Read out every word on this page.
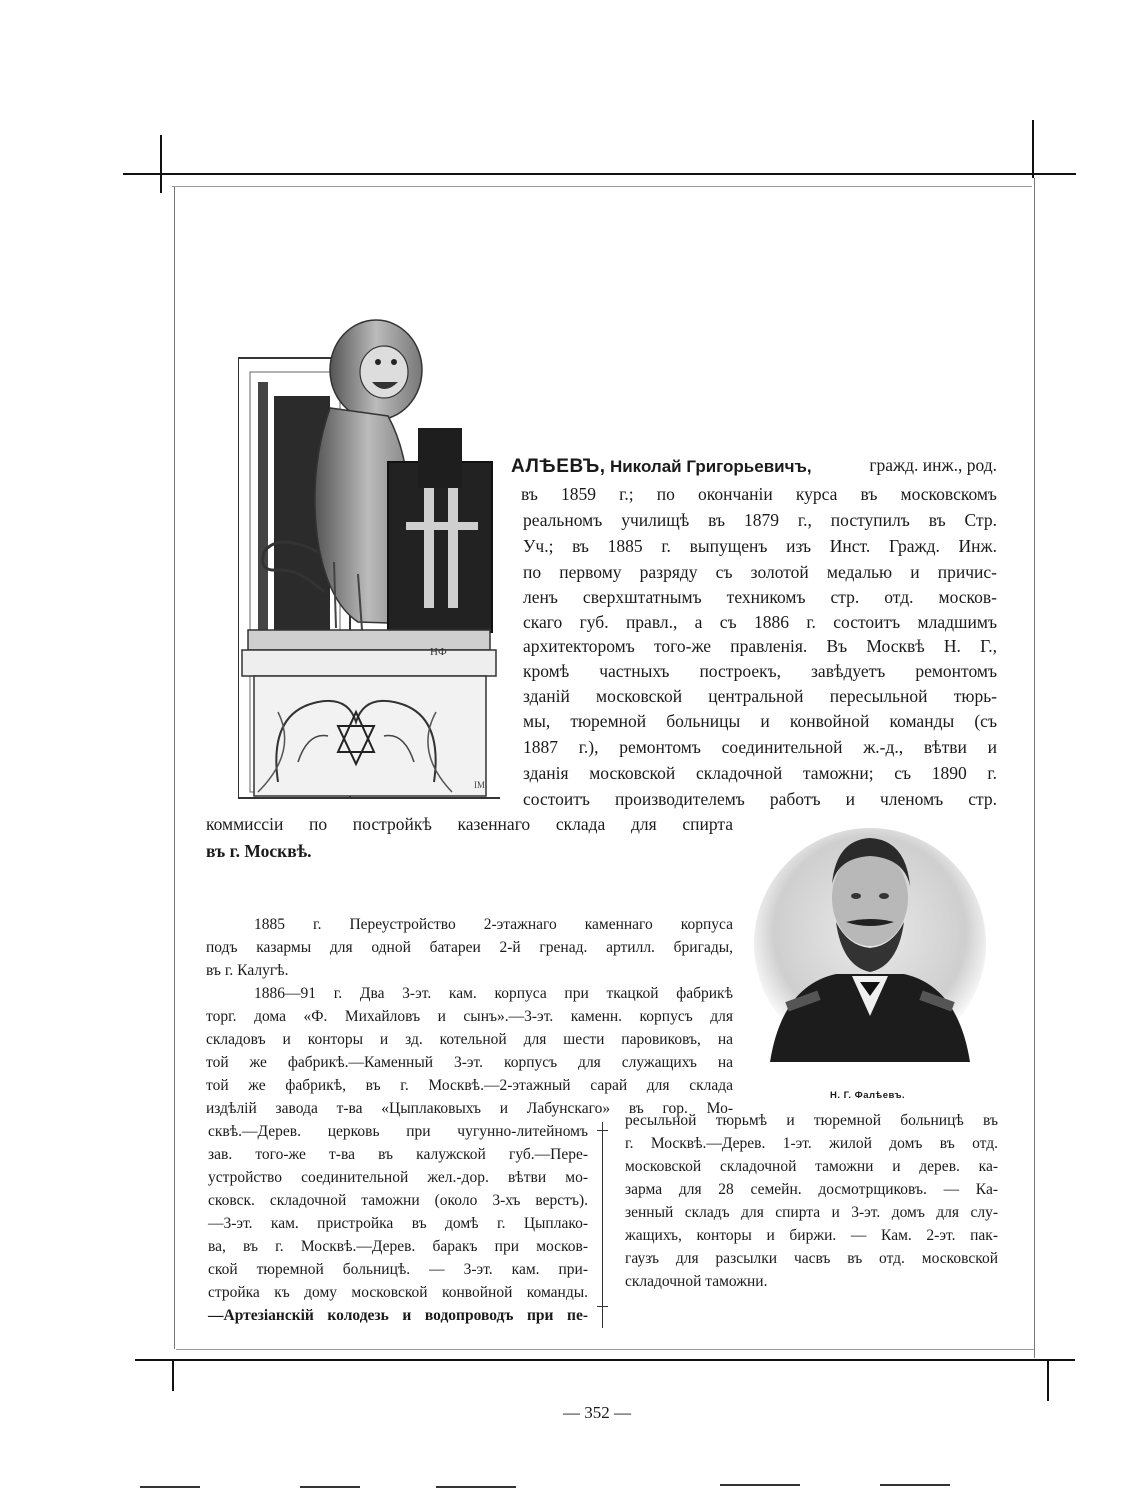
НФ
IM.
АЛѢЕВЪ, Николай Григорьевичъ,	гражд. инж., род.
въ 1859 г.; по окончаніи курса въ московскомъ
реальномъ училищѣ въ 1879 г., поступилъ въ Стр.
Уч.; въ 1885 г. выпущенъ изъ Инст. Гражд. Инж.
по первому разряду съ золотой медалью и причис-
ленъ сверхштатнымъ техникомъ стр. отд. москов-
скаго губ. правл., а съ 1886 г. состоитъ младшимъ
архитекторомъ того-же правленія. Въ Москвѣ Н. Г.,
кромѣ частныхъ построекъ, завѣдуетъ ремонтомъ
зданій московской центральной пересыльной тюрь-
мы, тюремной больницы и конвойной команды (съ
1887 г.), ремонтомъ соединительной ж.-д., вѣтви и
зданія московской складочной таможни; съ 1890 г.
состоитъ производителемъ работъ и членомъ стр.
коммиссіи по постройкѣ казеннаго склада для спирта
въ г. Москвѣ.
Н. Г. Фалѣевъ.
1885 г. Переустройство 2-этажнаго каменнаго корпуса
подъ казармы для одной батареи 2-й гренад. артилл. бригады,
въ г. Калугѣ.
1886—91 г. Два 3-эт. кам. корпуса при ткацкой фабрикѣ
торг. дома «Ф. Михайловъ и сынъ».—3-эт. каменн. корпусъ для
складовъ и конторы и зд. котельной для шести паровиковъ, на
той же фабрикѣ.—Каменный 3-эт. корпусъ для служащихъ на
той же фабрикѣ, въ г. Москвѣ.—2-этажный сарай для склада
издѣлій завода т-ва «Цыплаковыхъ и Лабунскаго» въ гор. Мо-
сквѣ.—Дерев. церковь при чугунно-литейномъ
зав. того-же т-ва въ калужской губ.—Пере-
устройство соединительной жел.-дор. вѣтви мо-
сковск. складочной таможни (около 3-хъ верстъ).
—3-эт. кам. пристройка въ домѣ г. Цыплако-
ва, въ г. Москвѣ.—Дерев. баракъ при москов-
ской тюремной больницѣ. — 3-эт. кам. при-
стройка къ дому московской конвойной команды.
—Артезіанскій колодезь и водопроводъ при пе-
ресыльной тюрьмѣ и тюремной больницѣ въ
г. Москвѣ.—Дерев. 1-эт. жилой домъ въ отд.
московской складочной таможни и дерев. ка-
зарма для 28 семейн. досмотрщиковъ. — Ка-
зенный складъ для спирта и 3-эт. домъ для слу-
жащихъ, конторы и биржи. — Кам. 2-эт. пак-
гаузъ для разсылки часвъ въ отд. московской
складочной таможни.
— 352 —
